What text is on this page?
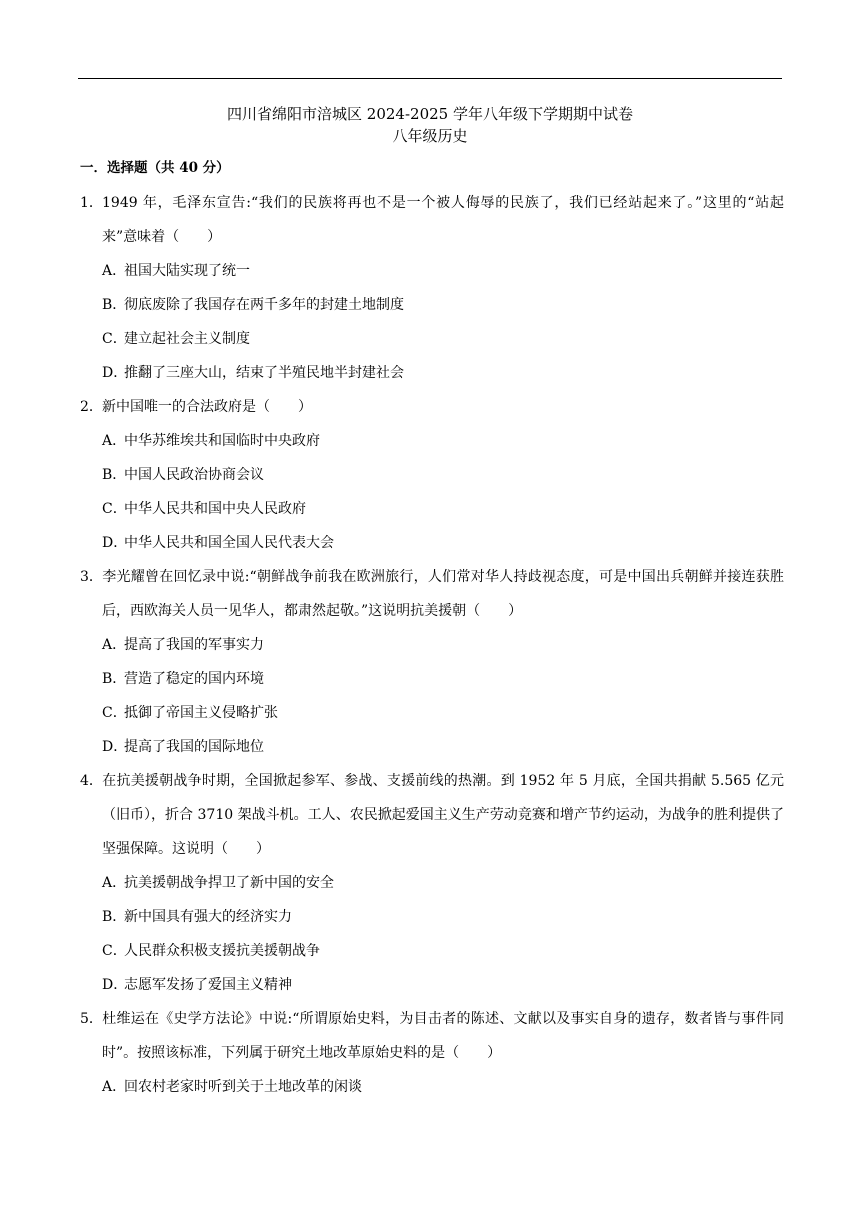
四川省绵阳市涪城区 2024-2025 学年八年级下学期期中试卷
八年级历史
一．选择题（共 40 分）
1．1949 年，毛泽东宣告:“我们的民族将再也不是一个被人侮辱的民族了，我们已经站起来了。”这里的“站起来”意味着（　　）
A．祖国大陆实现了统一
B．彻底废除了我国存在两千多年的封建土地制度
C．建立起社会主义制度
D．推翻了三座大山，结束了半殖民地半封建社会
2．新中国唯一的合法政府是（　　）
A．中华苏维埃共和国临时中央政府
B．中国人民政治协商会议
C．中华人民共和国中央人民政府
D．中华人民共和国全国人民代表大会
3．李光耀曾在回忆录中说:“朝鲜战争前我在欧洲旅行，人们常对华人持歧视态度，可是中国出兵朝鲜并接连获胜后，西欧海关人员一见华人，都肃然起敬。”这说明抗美援朝（　　）
A．提高了我国的军事实力
B．营造了稳定的国内环境
C．抵御了帝国主义侵略扩张
D．提高了我国的国际地位
4．在抗美援朝战争时期，全国掀起参军、参战、支援前线的热潮。到 1952 年 5 月底，全国共捐献 5.565 亿元（旧币），折合 3710 架战斗机。工人、农民掀起爱国主义生产劳动竞赛和增产节约运动，为战争的胜利提供了坚强保障。这说明（　　）
A．抗美援朝战争捍卫了新中国的安全
B．新中国具有强大的经济实力
C．人民群众积极支援抗美援朝战争
D．志愿军发扬了爱国主义精神
5．杜维运在《史学方法论》中说:“所谓原始史料，为目击者的陈述、文献以及事实自身的遗存，数者皆与事件同时”。按照该标准，下列属于研究土地改革原始史料的是（　　）
A．回农村老家时听到关于土地改革的闲谈
